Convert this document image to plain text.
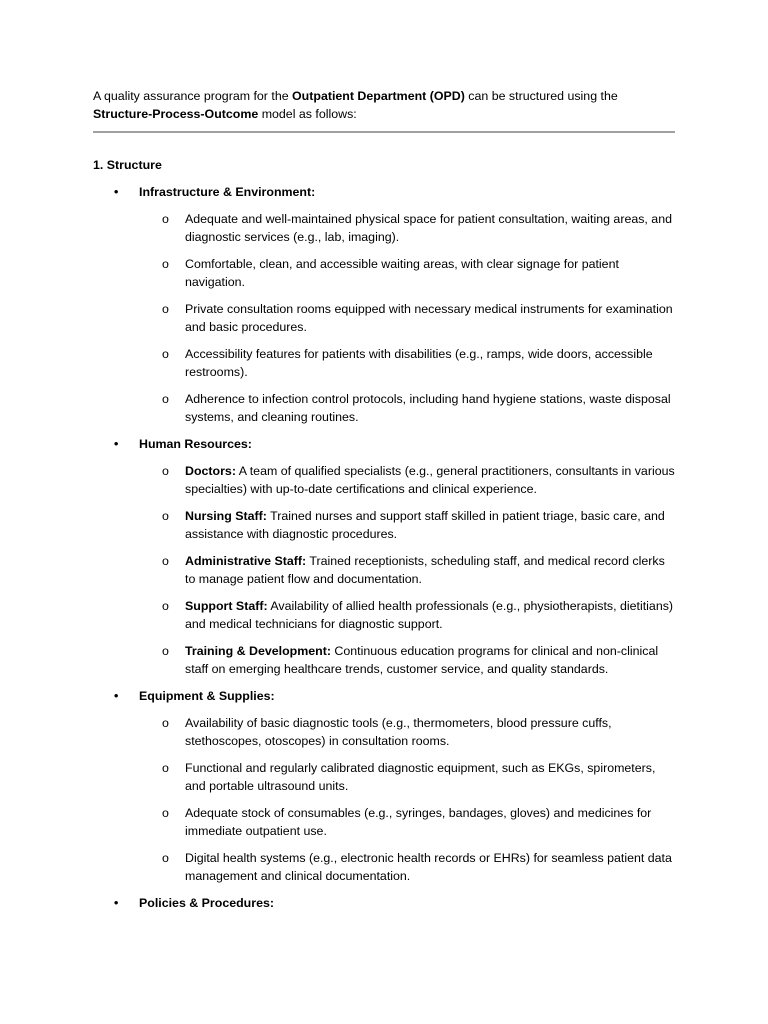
A quality assurance program for the Outpatient Department (OPD) can be structured using the Structure-Process-Outcome model as follows:

1. Structure

• Infrastructure & Environment:

o Adequate and well-maintained physical space for patient consultation, waiting areas, and diagnostic services (e.g., lab, imaging).

o Comfortable, clean, and accessible waiting areas, with clear signage for patient navigation.

o Private consultation rooms equipped with necessary medical instruments for examination and basic procedures.

o Accessibility features for patients with disabilities (e.g., ramps, wide doors, accessible restrooms).

o Adherence to infection control protocols, including hand hygiene stations, waste disposal systems, and cleaning routines.

• Human Resources:

o Doctors: A team of qualified specialists (e.g., general practitioners, consultants in various specialties) with up-to-date certifications and clinical experience.

o Nursing Staff: Trained nurses and support staff skilled in patient triage, basic care, and assistance with diagnostic procedures.

o Administrative Staff: Trained receptionists, scheduling staff, and medical record clerks to manage patient flow and documentation.

o Support Staff: Availability of allied health professionals (e.g., physiotherapists, dietitians) and medical technicians for diagnostic support.

o Training & Development: Continuous education programs for clinical and non-clinical staff on emerging healthcare trends, customer service, and quality standards.

• Equipment & Supplies:

o Availability of basic diagnostic tools (e.g., thermometers, blood pressure cuffs, stethoscopes, otoscopes) in consultation rooms.

o Functional and regularly calibrated diagnostic equipment, such as EKGs, spirometers, and portable ultrasound units.

o Adequate stock of consumables (e.g., syringes, bandages, gloves) and medicines for immediate outpatient use.

o Digital health systems (e.g., electronic health records or EHRs) for seamless patient data management and clinical documentation.

• Policies & Procedures:
